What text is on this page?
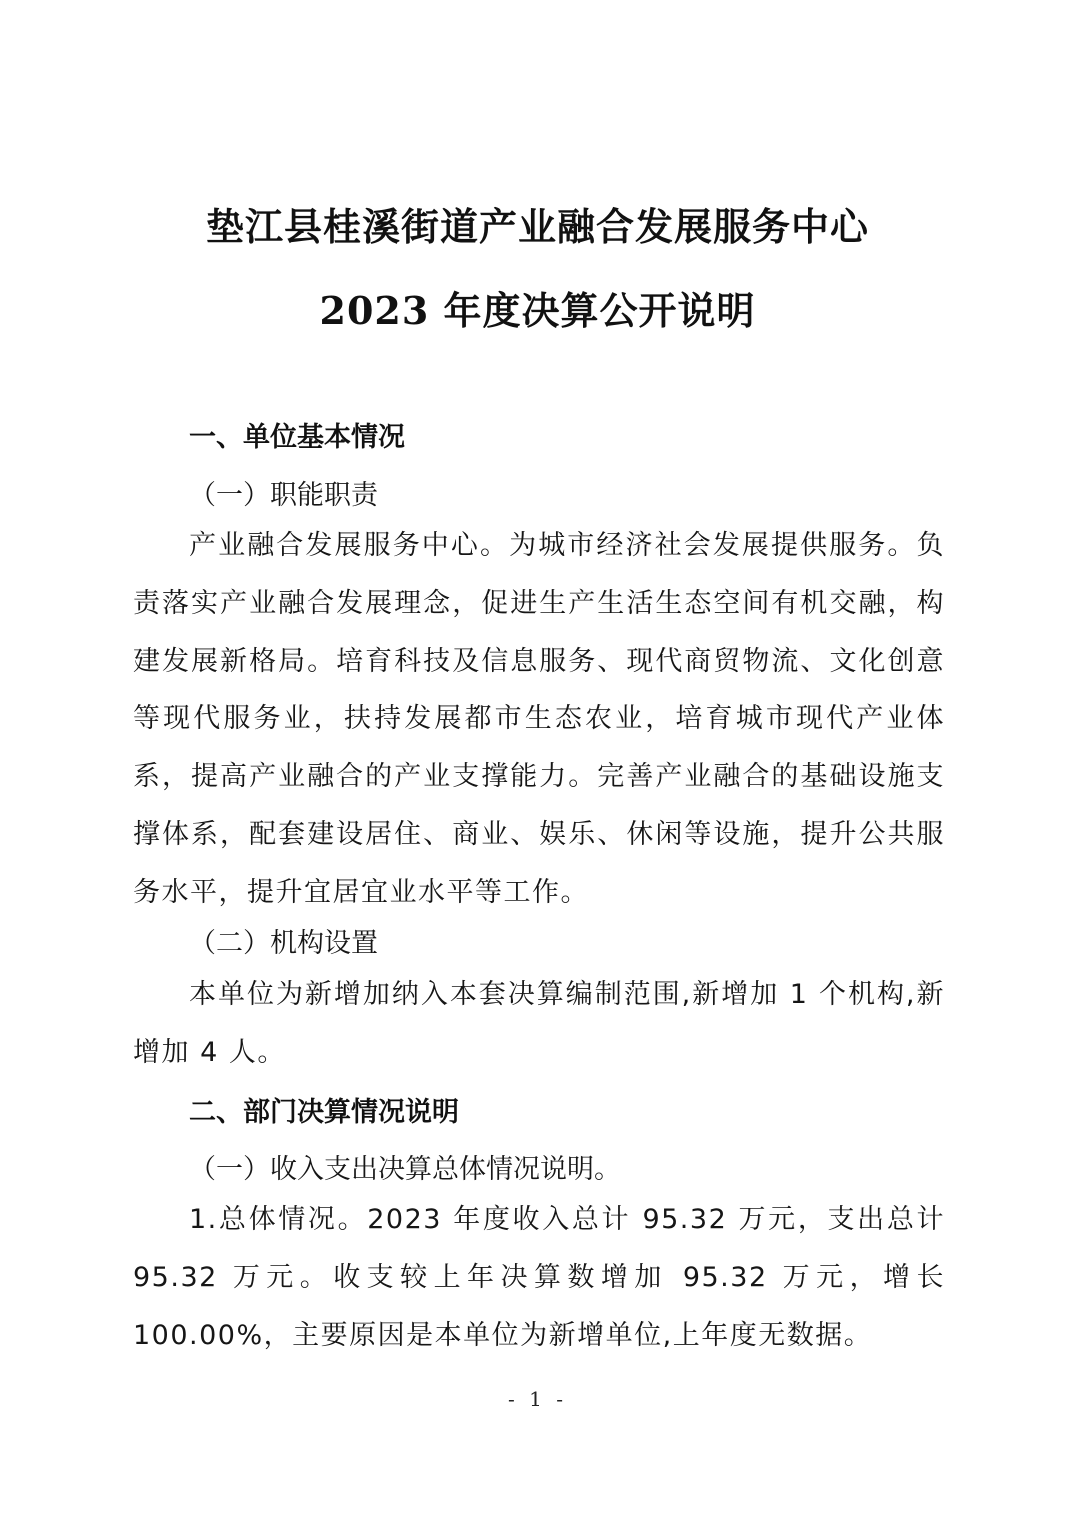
垫江县桂溪街道产业融合发展服务中心
2023 年度决算公开说明
一、单位基本情况
（一）职能职责
产业融合发展服务中心。为城市经济社会发展提供服务。负责落实产业融合发展理念，促进生产生活生态空间有机交融，构建发展新格局。培育科技及信息服务、现代商贸物流、文化创意等现代服务业，扶持发展都市生态农业，培育城市现代产业体系，提高产业融合的产业支撑能力。完善产业融合的基础设施支撑体系，配套建设居住、商业、娱乐、休闲等设施，提升公共服务水平，提升宜居宜业水平等工作。
（二）机构设置
本单位为新增加纳入本套决算编制范围,新增加 1 个机构,新增加 4 人。
二、部门决算情况说明
（一）收入支出决算总体情况说明。
1.总体情况。2023 年度收入总计 95.32 万元，支出总计 95.32 万元。收支较上年决算数增加 95.32 万元，增长 100.00%，主要原因是本单位为新增单位,上年度无数据。
- 1 -
